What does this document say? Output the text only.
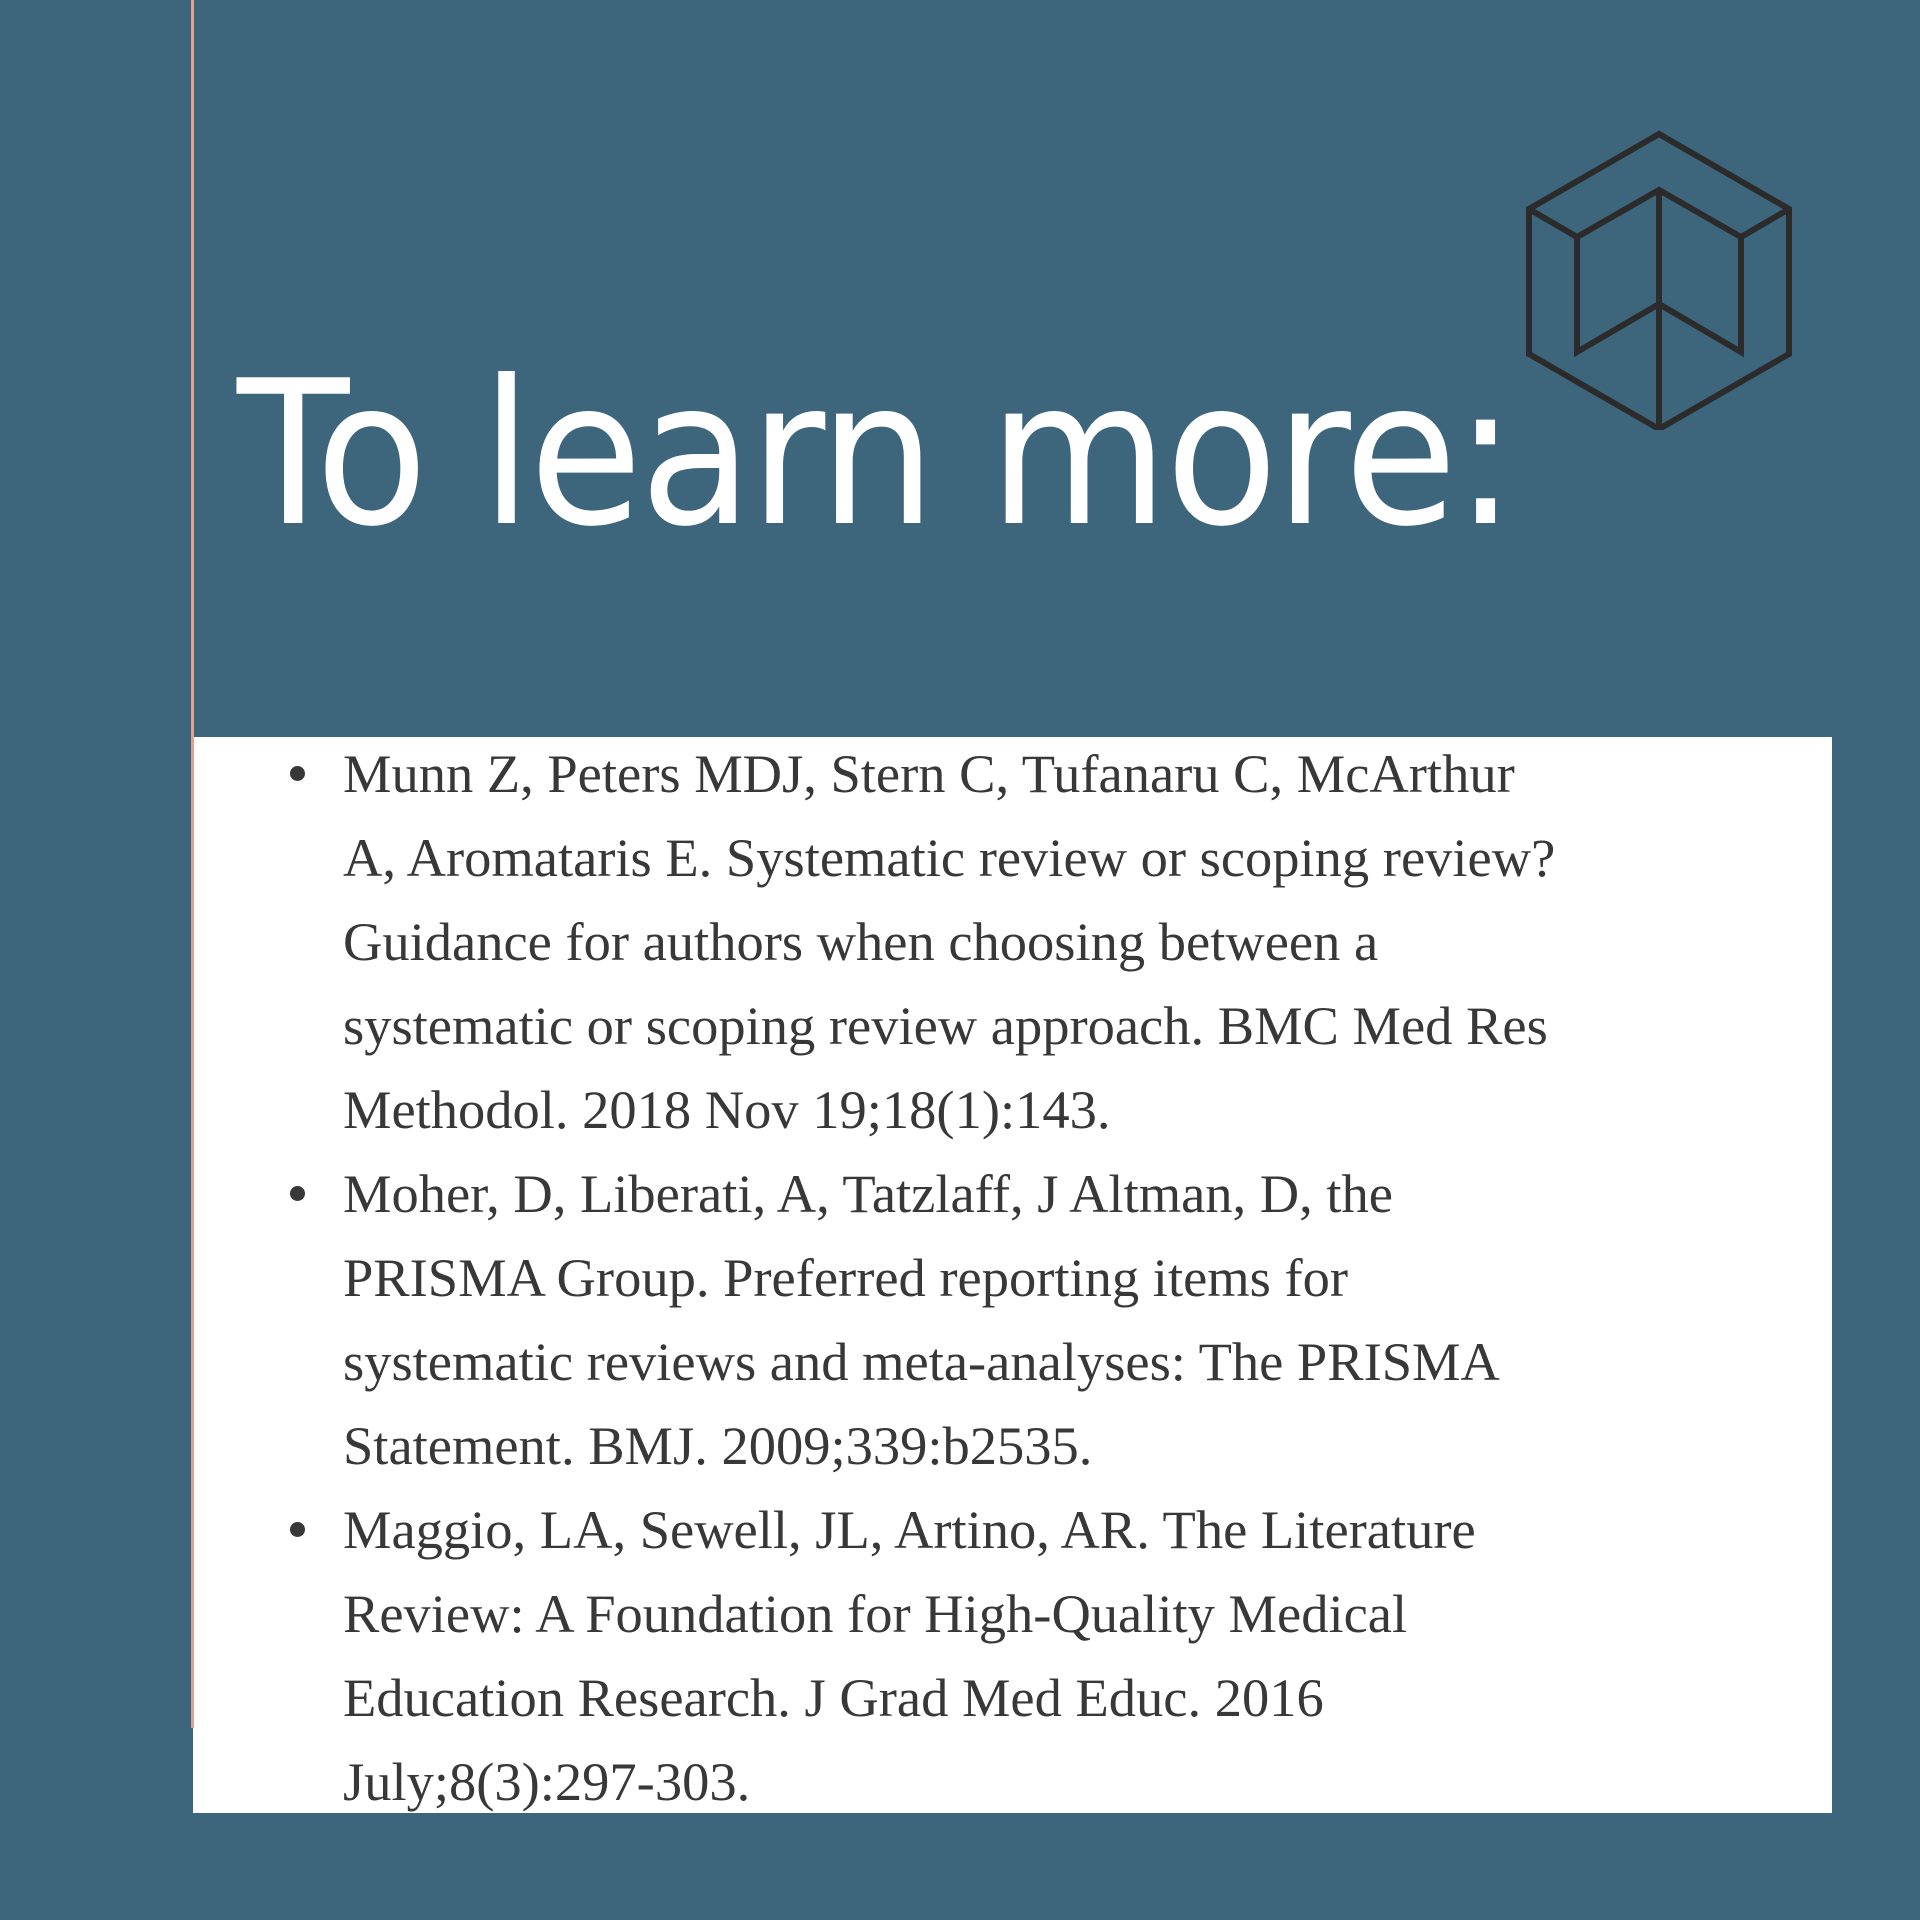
To learn more:
Munn Z, Peters MDJ, Stern C, Tufanaru C, McArthur
A, Aromataris E. Systematic review or scoping review?
Guidance for authors when choosing between a
systematic or scoping review approach. BMC Med Res
Methodol. 2018 Nov 19;18(1):143.
Moher, D, Liberati, A, Tatzlaff, J Altman, D, the
PRISMA Group. Preferred reporting items for
systematic reviews and meta-analyses: The PRISMA
Statement. BMJ. 2009;339:b2535.
Maggio, LA, Sewell, JL, Artino, AR. The Literature
Review: A Foundation for High-Quality Medical
Education Research. J Grad Med Educ. 2016
July;8(3):297-303.
